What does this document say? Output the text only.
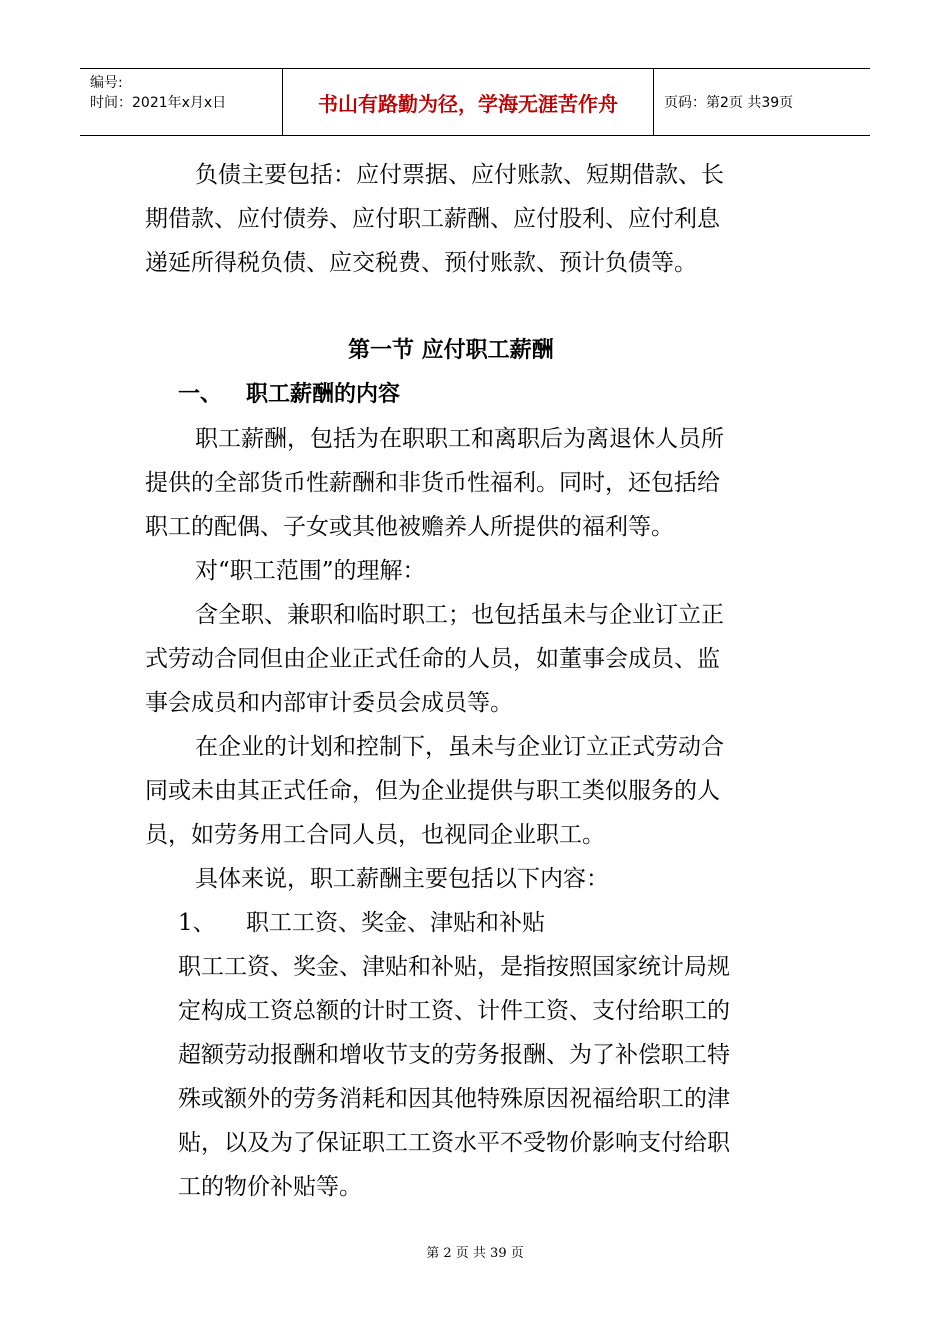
编号:
时间：2021年x月x日	书山有路勤为径，学海无涯苦作舟	页码：第2页 共39页
负债主要包括：应付票据、应付账款、短期借款、长
期借款、应付债券、应付职工薪酬、应付股利、应付利息
递延所得税负债、应交税费、预付账款、预计负债等。
第一节 应付职工薪酬
一、 职工薪酬的内容
职工薪酬，包括为在职职工和离职后为离退休人员所
提供的全部货币性薪酬和非货币性福利。同时，还包括给
职工的配偶、子女或其他被赡养人所提供的福利等。
对“职工范围”的理解：
含全职、兼职和临时职工；也包括虽未与企业订立正
式劳动合同但由企业正式任命的人员，如董事会成员、监
事会成员和内部审计委员会成员等。
在企业的计划和控制下，虽未与企业订立正式劳动合
同或未由其正式任命，但为企业提供与职工类似服务的人
员，如劳务用工合同人员，也视同企业职工。
具体来说，职工薪酬主要包括以下内容：
1、 职工工资、奖金、津贴和补贴
职工工资、奖金、津贴和补贴，是指按照国家统计局规
定构成工资总额的计时工资、计件工资、支付给职工的
超额劳动报酬和增收节支的劳务报酬、为了补偿职工特
殊或额外的劳务消耗和因其他特殊原因祝福给职工的津
贴，以及为了保证职工工资水平不受物价影响支付给职
工的物价补贴等。
第 2 页 共 39 页
